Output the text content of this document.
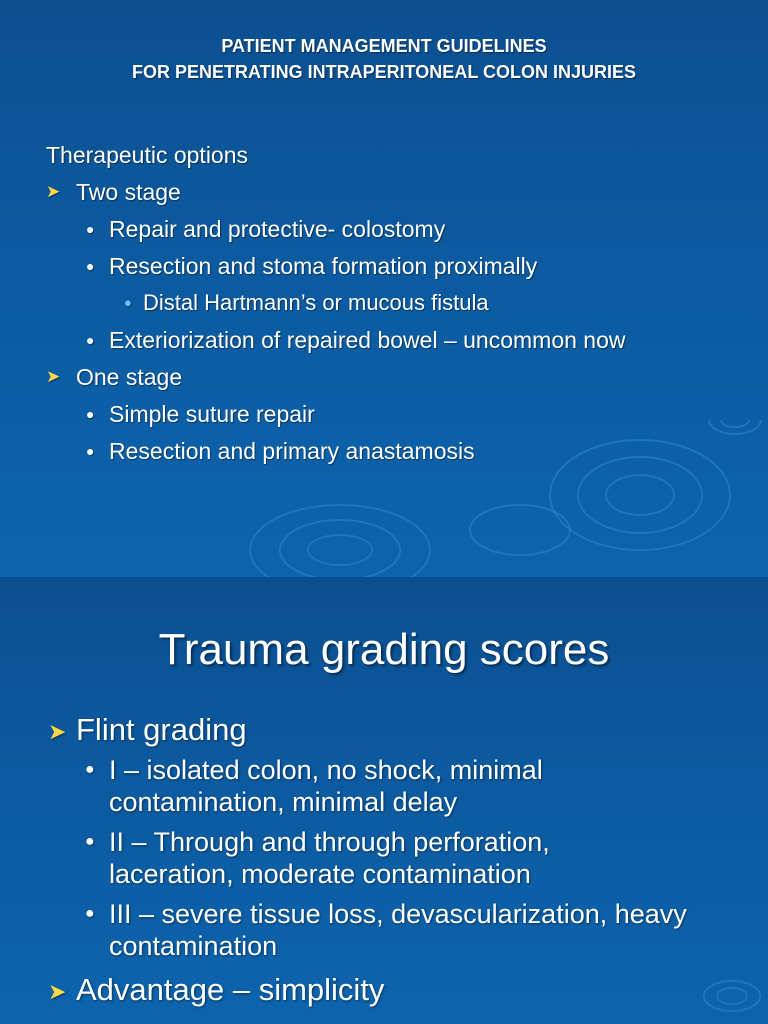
PATIENT MANAGEMENT GUIDELINES
FOR PENETRATING INTRAPERITONEAL COLON INJURIES
Therapeutic options
➤ Two stage
● Repair and protective- colostomy
● Resection and stoma formation proximally
● Distal Hartmann’s or mucous fistula
● Exteriorization of repaired bowel – uncommon now
➤ One stage
● Simple suture repair
● Resection and primary anastamosis
Trauma grading scores
➤ Flint grading
● I – isolated colon, no shock, minimal contamination, minimal delay
● II – Through and through perforation, laceration, moderate contamination
● III – severe tissue loss, devascularization, heavy contamination
➤ Advantage – simplicity
